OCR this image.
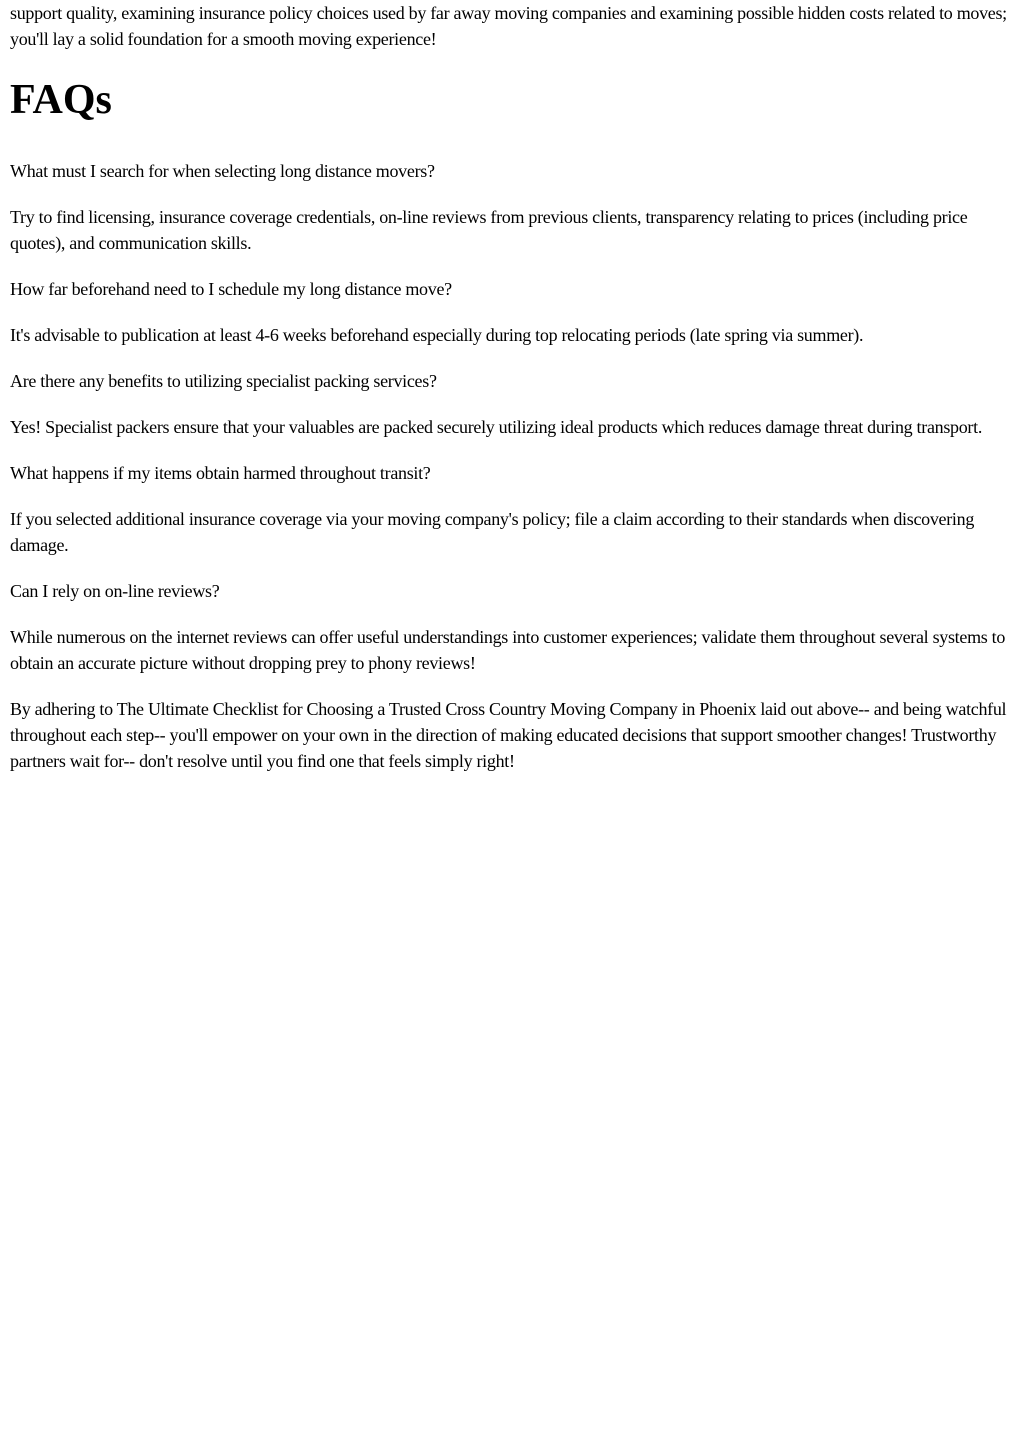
support quality, examining insurance policy choices used by far away moving companies and examining possible hidden costs related to moves; you'll lay a solid foundation for a smooth moving experience!

FAQs

What must I search for when selecting long distance movers?

Try to find licensing, insurance coverage credentials, on-line reviews from previous clients, transparency relating to prices (including price quotes), and communication skills.

How far beforehand need to I schedule my long distance move?

It's advisable to publication at least 4-6 weeks beforehand especially during top relocating periods (late spring via summer).

Are there any benefits to utilizing specialist packing services?

Yes! Specialist packers ensure that your valuables are packed securely utilizing ideal products which reduces damage threat during transport.

What happens if my items obtain harmed throughout transit?

If you selected additional insurance coverage via your moving company's policy; file a claim according to their standards when discovering damage.

Can I rely on on-line reviews?

While numerous on the internet reviews can offer useful understandings into customer experiences; validate them throughout several systems to obtain an accurate picture without dropping prey to phony reviews!

By adhering to The Ultimate Checklist for Choosing a Trusted Cross Country Moving Company in Phoenix laid out above-- and being watchful throughout each step-- you'll empower on your own in the direction of making educated decisions that support smoother changes! Trustworthy partners wait for-- don't resolve until you find one that feels simply right!
